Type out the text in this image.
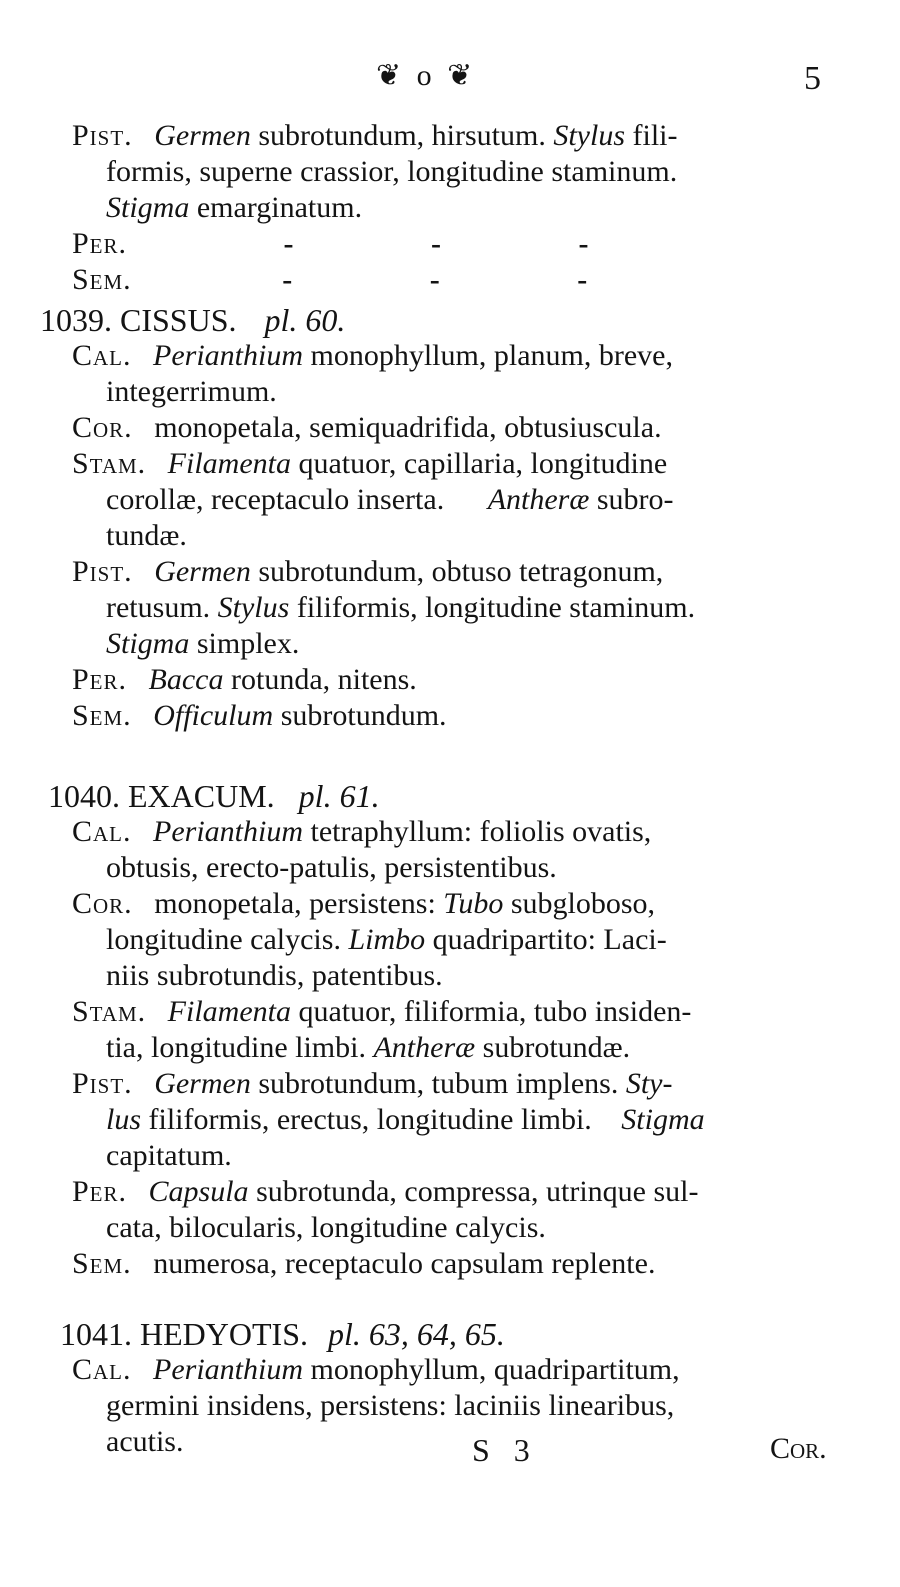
❦ o ❦	5
Pist. Germen subrotundum, hirsutum. Stylus fili-
formis, superne crassior, longitudine staminum.
Stigma emarginatum.
Per.	-	-	-
Sem.	-	-	-
1039. CISSUS. pl. 60.
Cal. Perianthium monophyllum, planum, breve,
integerrimum.
Cor. monopetala, semiquadrifida, obtusiuscula.
Stam. Filamenta quatuor, capillaria, longitudine
corollæ, receptaculo inserta. Antheræ subro-
tundæ.
Pist. Germen subrotundum, obtuso tetragonum,
retusum. Stylus filiformis, longitudine staminum.
Stigma simplex.
Per. Bacca rotunda, nitens.
Sem. Officulum subrotundum.
1040. EXACUM. pl. 61.
Cal. Perianthium tetraphyllum: foliolis ovatis,
obtusis, erecto-patulis, persistentibus.
Cor. monopetala, persistens: Tubo subgloboso,
longitudine calycis. Limbo quadripartito: Laci-
niis subrotundis, patentibus.
Stam. Filamenta quatuor, filiformia, tubo insiden-
tia, longitudine limbi. Antheræ subrotundæ.
Pist. Germen subrotundum, tubum implens. Sty-
lus filiformis, erectus, longitudine limbi. Stigma
capitatum.
Per. Capsula subrotunda, compressa, utrinque sul-
cata, bilocularis, longitudine calycis.
Sem. numerosa, receptaculo capsulam replente.
1041. HEDYOTIS. pl. 63, 64, 65.
Cal. Perianthium monophyllum, quadripartitum,
germini insidens, persistens: laciniis linearibus,
acutis.	S 3	Cor.
